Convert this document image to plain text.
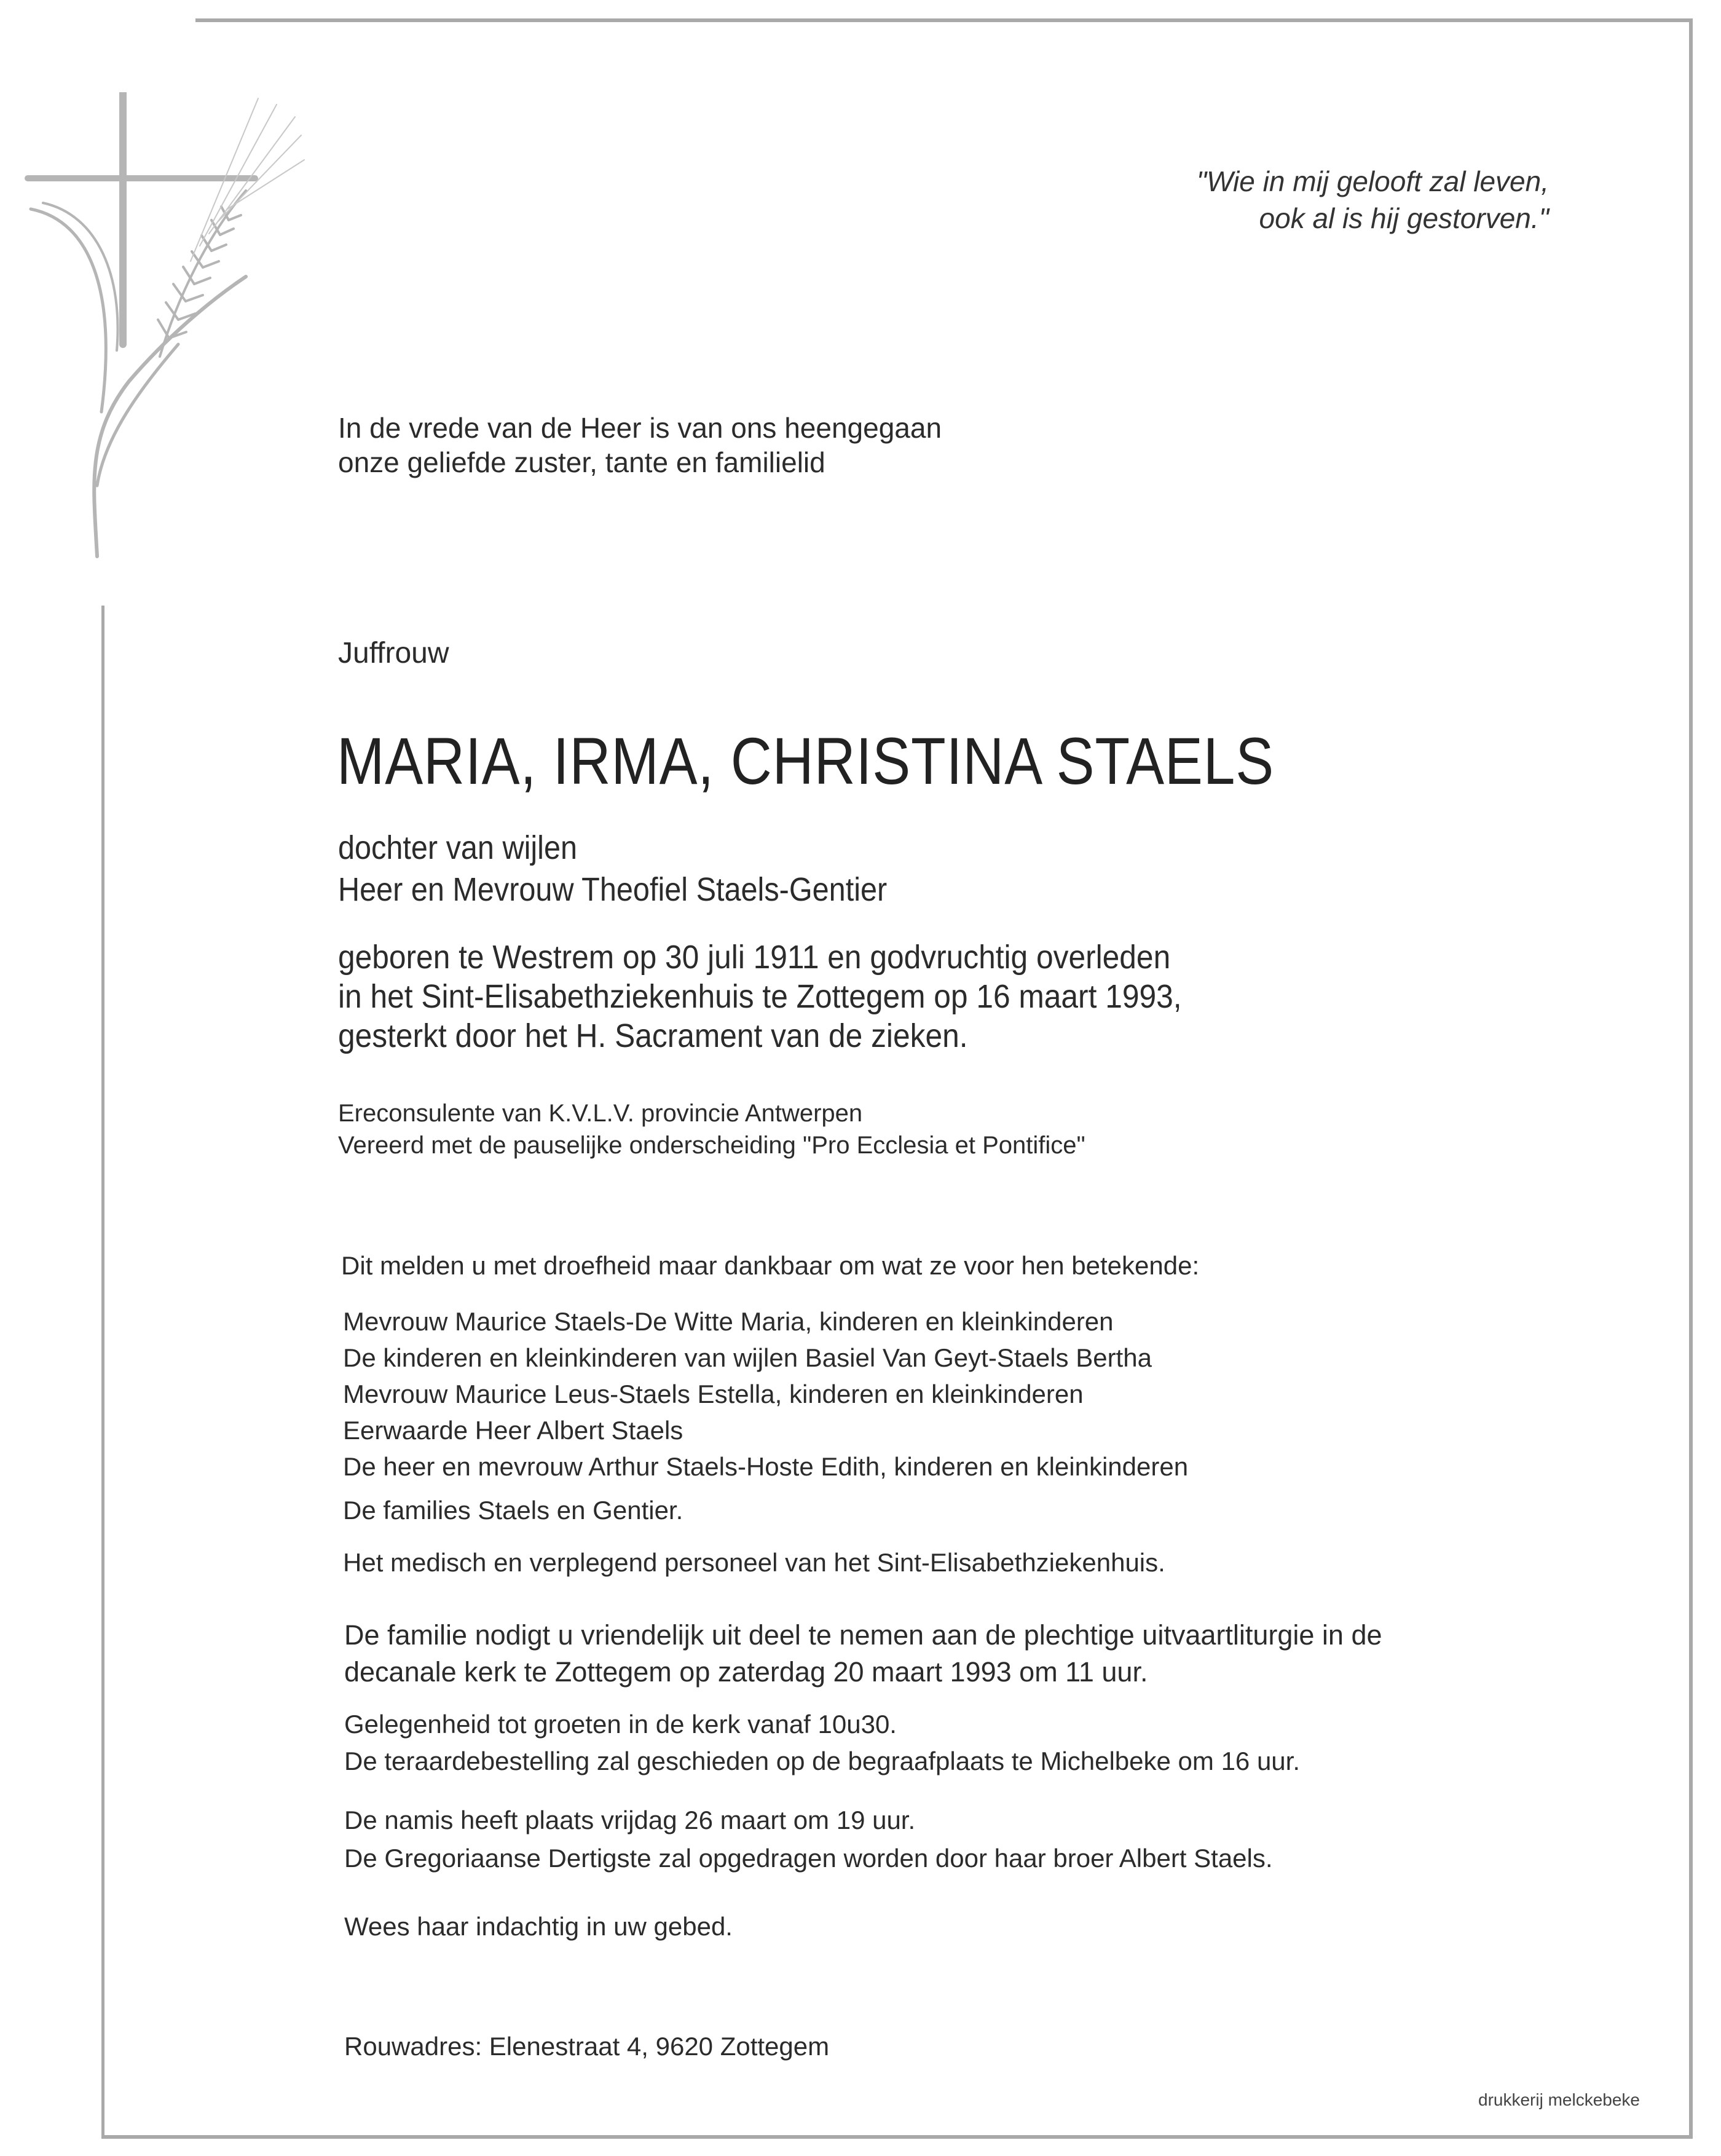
"Wie in mij gelooft zal leven,
ook al is hij gestorven."
In de vrede van de Heer is van ons heengegaan
onze geliefde zuster, tante en familielid
Juffrouw
MARIA, IRMA, CHRISTINA STAELS
dochter van wijlen
Heer en Mevrouw Theofiel Staels-Gentier
geboren te Westrem op 30 juli 1911 en godvruchtig overleden
in het Sint-Elisabethziekenhuis te Zottegem op 16 maart 1993,
gesterkt door het H. Sacrament van de zieken.
Ereconsulente van K.V.L.V. provincie Antwerpen
Vereerd met de pauselijke onderscheiding "Pro Ecclesia et Pontifice"
Dit melden u met droefheid maar dankbaar om wat ze voor hen betekende:
Mevrouw Maurice Staels-De Witte Maria, kinderen en kleinkinderen
De kinderen en kleinkinderen van wijlen Basiel Van Geyt-Staels Bertha
Mevrouw Maurice Leus-Staels Estella, kinderen en kleinkinderen
Eerwaarde Heer Albert Staels
De heer en mevrouw Arthur Staels-Hoste Edith, kinderen en kleinkinderen
De families Staels en Gentier.
Het medisch en verplegend personeel van het Sint-Elisabethziekenhuis.
De familie nodigt u vriendelijk uit deel te nemen aan de plechtige uitvaartliturgie in de
decanale kerk te Zottegem op zaterdag 20 maart 1993 om 11 uur.
Gelegenheid tot groeten in de kerk vanaf 10u30.
De teraardebestelling zal geschieden op de begraafplaats te Michelbeke om 16 uur.
De namis heeft plaats vrijdag 26 maart om 19 uur.
De Gregoriaanse Dertigste zal opgedragen worden door haar broer Albert Staels.
Wees haar indachtig in uw gebed.
Rouwadres: Elenestraat 4, 9620 Zottegem
drukkerij melckebeke
